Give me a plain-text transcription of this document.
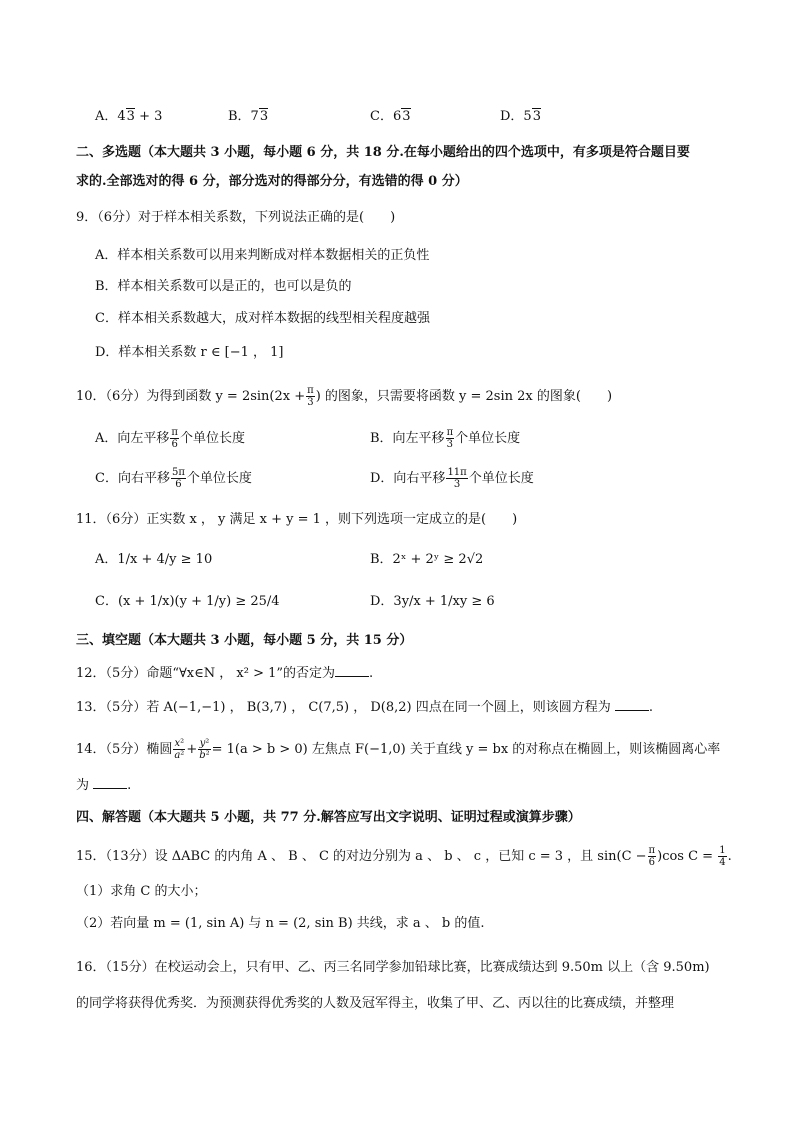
A．43 + 3	B．73	C．63	D．53
二、多选题（本大题共 3 小题，每小题 6 分，共 18 分.在每小题给出的四个选项中，有多项是符合题目要
求的.全部选对的得 6 分，部分选对的得部分分，有选错的得 0 分）
9．（6分）对于样本相关系数，下列说法正确的是(　　)
A．样本相关系数可以用来判断成对样本数据相关的正负性
B．样本相关系数可以是正的，也可以是负的
C．样本相关系数越大，成对样本数据的线型相关程度越强
D．样本相关系数 r ∈ [−1 ， 1]
10．（6分）为得到函数 $y = 2\sin(2x + \frac{\pi}{3}$ ) 的图象，只需要将函数 y = 2sin 2x 的图象(　　)
A．向左平移 $\frac{\pi}{6}$ 个单位长度	B．向左平移 $\frac{\pi}{3}$ 个单位长度
C．向右平移 $\frac{5\pi}{6}$ 个单位长度	D．向右平移 $\frac{11\pi}{3}$ 个单位长度
11．（6分）正实数 x ， y 满足 x + y = 1 ，则下列选项一定成立的是(　　)
A．1/x + 4/y ≥ 10	B．2ˣ + 2ʸ ≥ 2√2
C．(x + 1/x)(y + 1/y) ≥ 25/4	D．3y/x + 1/xy ≥ 6
三、填空题（本大题共 3 小题，每小题 5 分，共 15 分）
12．（5分）命题“∀x∈N ， x² > 1”的否定为	.
13．（5分）若 A(−1,−1) ， B(3,7) ， C(7,5) ， D(8,2) 四点在同一个圆上，则该圆方程为	.
14．（5分）椭圆 $\frac{\text{x²}}{\text{a²}} + \frac{\text{y²}}{\text{b²}} = 1(a > b > 0)$ 左焦点 F(−1,0) 关于直线 y = bx 的对称点在椭圆上，则该椭圆离心率
为	.
四、解答题（本大题共 5 小题，共 77 分.解答应写出文字说明、证明过程或演算步骤）
15．（13分）设 ΔABC 的内角 A 、 B 、 C 的对边分别为 a 、 b 、 c ，已知 c = 3 ，且 $\sin(C - \frac{\pi}{6} )\cos$ $C = \frac{1}{4}$ .
（1）求角 C 的大小；
（2）若向量 m = (1, sin A) 与 n = (2, sin B) 共线，求 a 、 b 的值.
16．（15分）在校运动会上，只有甲、乙、丙三名同学参加铅球比赛，比赛成绩达到 9.50m 以上（含 9.50m)
的同学将获得优秀奖．为预测获得优秀奖的人数及冠军得主，收集了甲、乙、丙以往的比赛成绩，并整理
